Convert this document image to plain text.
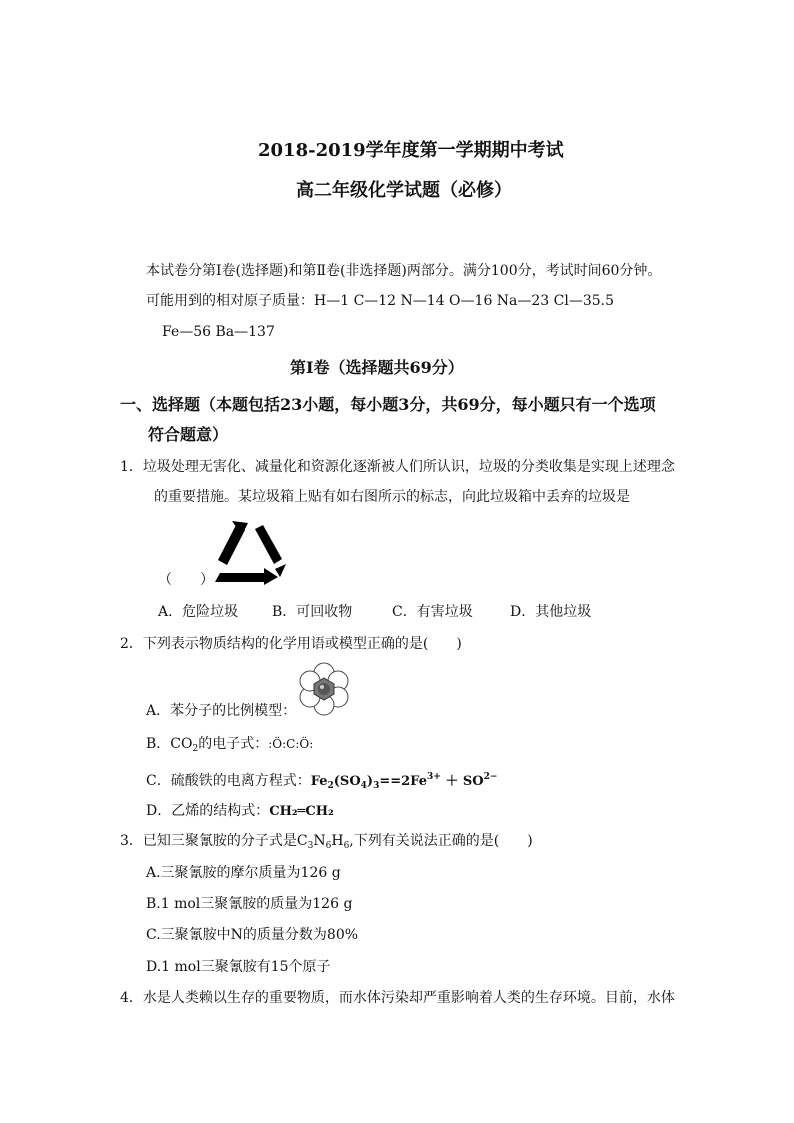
2018-2019学年度第一学期期中考试
高二年级化学试题（必修）
本试卷分第Ⅰ卷(选择题)和第Ⅱ卷(非选择题)两部分。满分100分，考试时间60分钟。
可能用到的相对原子质量：H—1 C—12 N—14 O—16 Na—23 Cl—35.5
Fe—56 Ba—137
第Ⅰ卷（选择题共69分）
一、选择题（本题包括23小题，每小题3分，共69分，每小题只有一个选项
符合题意）
1．垃圾处理无害化、减量化和资源化逐渐被人们所认识，垃圾的分类收集是实现上述理念
的重要措施。某垃圾箱上贴有如右图所示的标志，向此垃圾箱中丢弃的垃圾是
（　　）
A．危险垃圾 B．可回收物	C．有害垃圾	D．其他垃圾
2．下列表示物质结构的化学用语或模型正确的是(　　)
A．苯分子的比例模型：
B．$CO_2$的电子式：:Ö:C:Ö:
C．硫酸铁的电离方程式：$Fe_2(SO_4)_3==2Fe^{3+} + SO^{2-}$
D．乙烯的结构式：CH₂═CH₂
3．已知三聚氰胺的分子式是$C_3N_6H_6$,下列有关说法正确的是(　　)
A.三聚氰胺的摩尔质量为126 g
B.1 mol三聚氰胺的质量为126 g
C.三聚氰胺中N的质量分数为80%
D.1 mol三聚氰胺有15个原子
4．水是人类赖以生存的重要物质，而水体污染却严重影响着人类的生存环境。目前，水体
